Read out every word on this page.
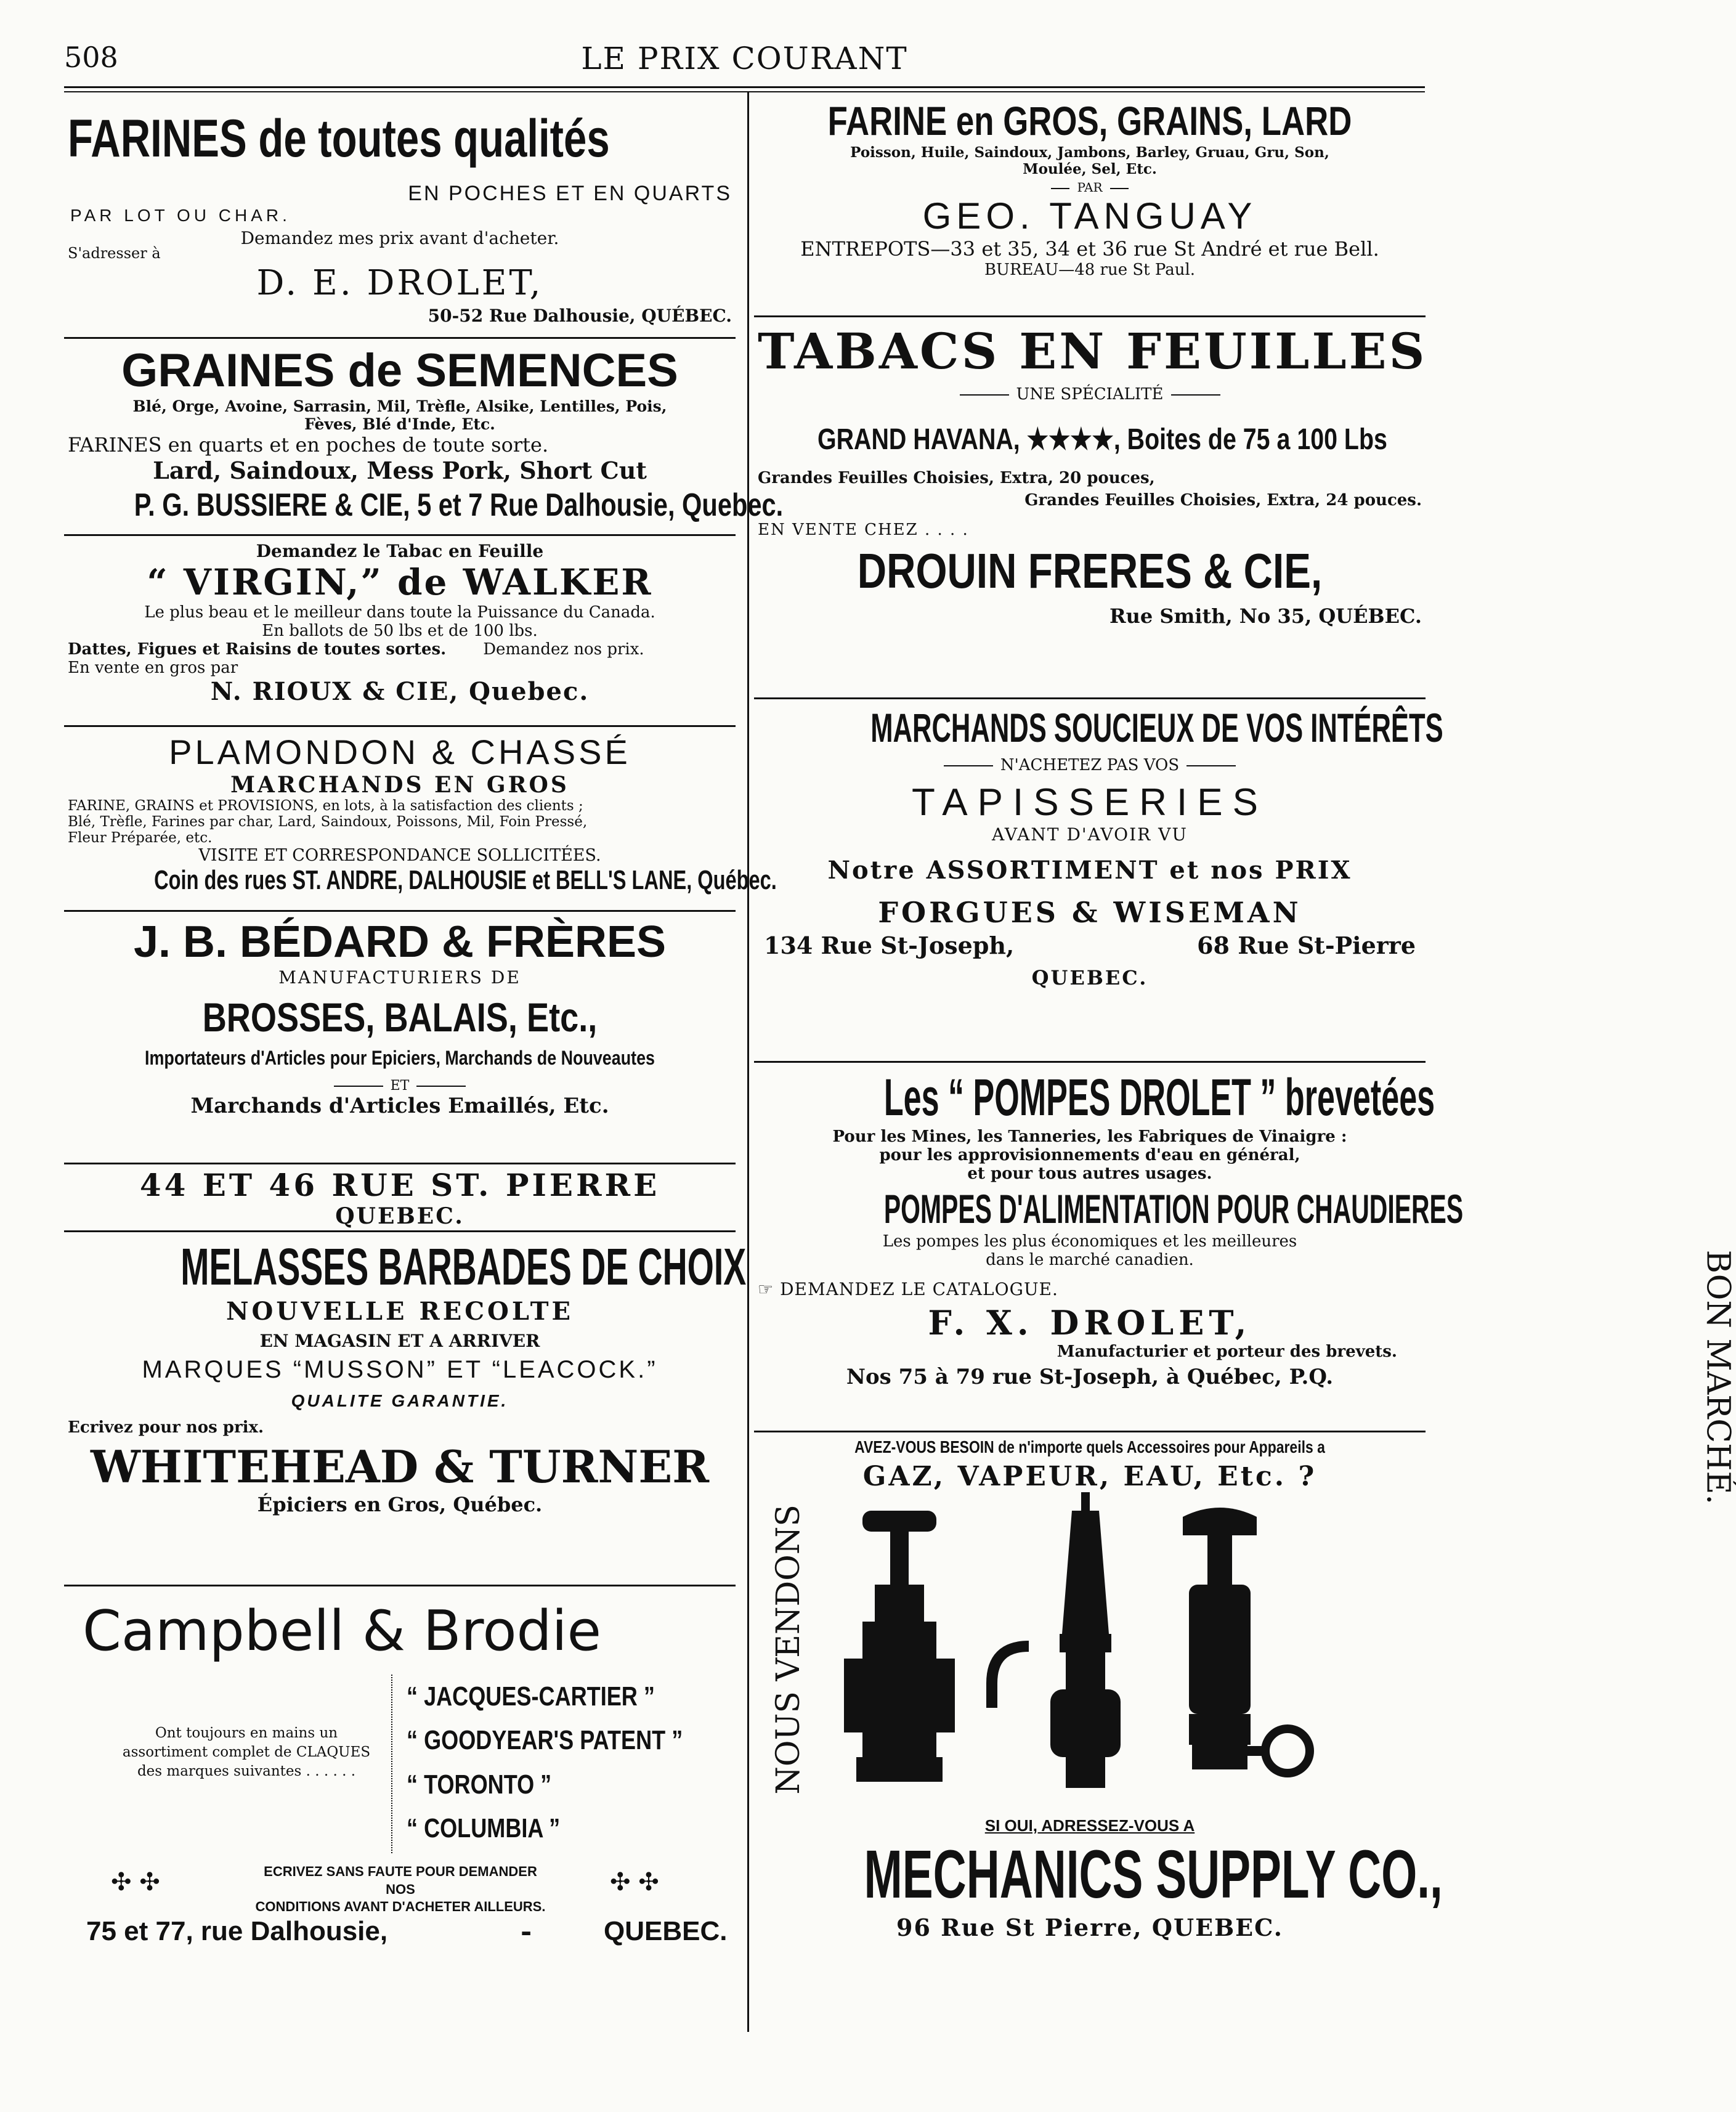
508	LE PRIX COURANT
FARINES de toutes qualités
EN POCHES ET EN QUARTS
PAR LOT OU CHAR.
Demandez mes prix avant d'acheter.
S'adresser à
D. E. DROLET,
50-52 Rue Dalhousie, QUÉBEC.
GRAINES de SEMENCES
Blé, Orge, Avoine, Sarrasin, Mil, Trèfle, Alsike, Lentilles, Pois,
Fèves, Blé d'Inde, Etc.
FARINES en quarts et en poches de toute sorte.
Lard, Saindoux, Mess Pork, Short Cut
P. G. BUSSIERE & CIE, 5 et 7 Rue Dalhousie, Quebec.
Demandez le Tabac en Feuille
“ VIRGIN,” de WALKER
Le plus beau et le meilleur dans toute la Puissance du Canada.
En ballots de 50 lbs et de 100 lbs.
Dattes, Figues et Raisins de toutes sortes. Demandez nos prix.
En vente en gros par
N. RIOUX & CIE, Quebec.
PLAMONDON & CHASSÉ
MARCHANDS EN GROS
FARINE, GRAINS et PROVISIONS, en lots, à la satisfaction des clients ;
Blé, Trèfle, Farines par char, Lard, Saindoux, Poissons, Mil, Foin Pressé,
Fleur Préparée, etc.
VISITE ET CORRESPONDANCE SOLLICITÉES.
Coin des rues ST. ANDRE, DALHOUSIE et BELL'S LANE, Québec.
J. B. BÉDARD & FRÈRES
MANUFACTURIERS DE
BROSSES, BALAIS, Etc.,
Importateurs d'Articles pour Epiciers, Marchands de Nouveautes
ET
Marchands d'Articles Emaillés, Etc.
44 ET 46 RUE ST. PIERRE
QUEBEC.
MELASSES BARBADES DE CHOIX
NOUVELLE RECOLTE
EN MAGASIN ET A ARRIVER
MARQUES “MUSSON” ET “LEACOCK.”
QUALITE GARANTIE.
Ecrivez pour nos prix.
WHITEHEAD & TURNER
Épiciers en Gros, Québec.
Campbell & Brodie
Ont toujours en mains un
assortiment complet de CLAQUES
des marques suivantes . . . . . .
“ JACQUES-CARTIER ”
“ GOODYEAR'S PATENT ”
“ TORONTO ”
“ COLUMBIA ”
✣ ✣	ECRIVEZ SANS FAUTE POUR DEMANDER NOS
CONDITIONS AVANT D'ACHETER AILLEURS.
✣ ✣
75 et 77, rue Dalhousie,	-	QUEBEC.
FARINE en GROS, GRAINS, LARD
Poisson, Huile, Saindoux, Jambons, Barley, Gruau, Gru, Son,
Moulée, Sel, Etc.
PAR
GEO. TANGUAY
ENTREPOTS—33 et 35, 34 et 36 rue St André et rue Bell.
BUREAU—48 rue St Paul.
TABACS EN FEUILLES
UNE SPÉCIALITÉ
GRAND HAVANA, ★★★★, Boites de 75 a 100 Lbs
Grandes Feuilles Choisies, Extra, 20 pouces,
Grandes Feuilles Choisies, Extra, 24 pouces.
EN VENTE CHEZ . . . .
DROUIN FRERES & CIE,
Rue Smith, No 35, QUÉBEC.
MARCHANDS SOUCIEUX DE VOS INTÉRÊTS
N'ACHETEZ PAS VOS
TAPISSERIES
AVANT D'AVOIR VU
Notre ASSORTIMENT et nos PRIX
FORGUES & WISEMAN
134 Rue St-Joseph,	68 Rue St-Pierre
QUEBEC.
Les “ POMPES DROLET ” brevetées
Pour les Mines, les Tanneries, les Fabriques de Vinaigre :
pour les approvisionnements d'eau en général,
et pour tous autres usages.
POMPES D'ALIMENTATION POUR CHAUDIERES
Les pompes les plus économiques et les meilleures
dans le marché canadien.
☞ DEMANDEZ LE CATALOGUE.
F. X. DROLET,
Manufacturier et porteur des brevets.
Nos 75 à 79 rue St-Joseph, à Québec, P.Q.
AVEZ-VOUS BESOIN de n'importe quels Accessoires pour Appareils a
GAZ, VAPEUR, EAU, Etc. ?
NOUS VENDONS
BON MARCHÉ.
SI OUI, ADRESSEZ-VOUS A
MECHANICS SUPPLY CO.,
96 Rue St Pierre, QUEBEC.
